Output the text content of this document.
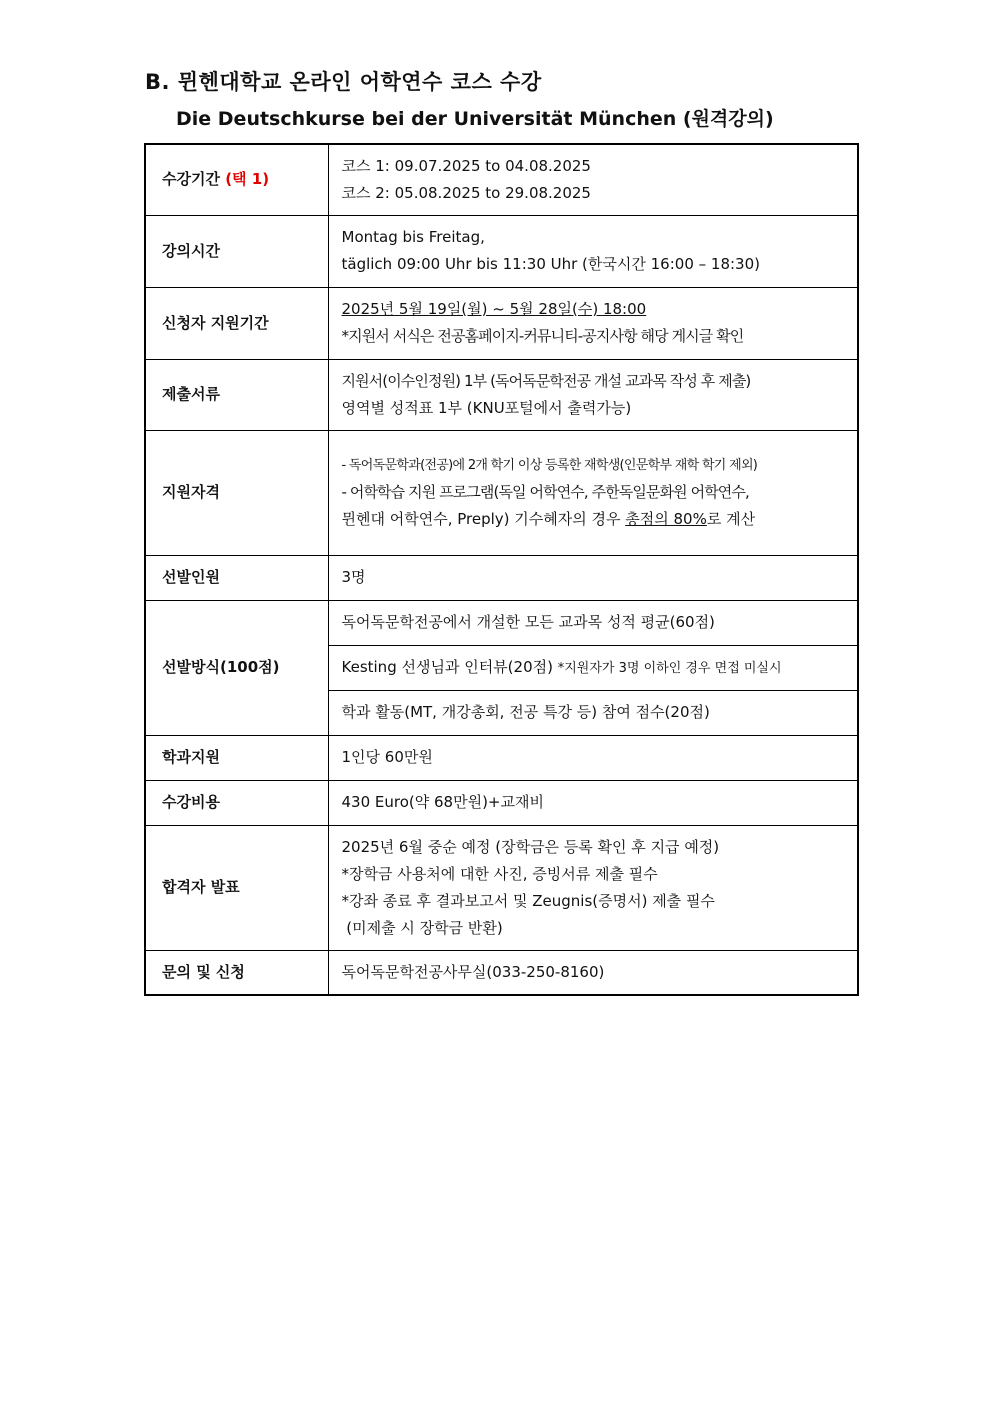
B. 뮌헨대학교 온라인 어학연수 코스 수강
Die Deutschkurse bei der Universität München (원격강의)
수강기간 (택 1)	코스 1: 09.07.2025 to 04.08.2025
코스 2: 05.08.2025 to 29.08.2025

강의시간	Montag bis Freitag,
täglich 09:00 Uhr bis 11:30 Uhr (한국시간 16:00 – 18:30)

신청자 지원기간	2025년 5월 19일(월) ~ 5월 28일(수) 18:00
*지원서 서식은 전공홈페이지-커뮤니티-공지사항 해당 게시글 확인

제출서류	지원서(이수인정원) 1부 (독어독문학전공 개설 교과목 작성 후 제출)
영역별 성적표 1부 (KNU포털에서 출력가능)

지원자격	- 독어독문학과(전공)에 2개 학기 이상 등록한 재학생(인문학부 재학 학기 제외)
- 어학학습 지원 프로그램(독일 어학연수, 주한독일문화원 어학연수,
뮌헨대 어학연수, Preply) 기수혜자의 경우 총점의 80%로 계산

선발인원	3명
선발방식(100점)	독어독문학전공에서 개설한 모든 교과목 성적 평균(60점)
	Kesting 선생님과 인터뷰(20점) *지원자가 3명 이하인 경우 면접 미실시
	학과 활동(MT, 개강총회, 전공 특강 등) 참여 점수(20점)
학과지원	1인당 60만원
수강비용	430 Euro(약 68만원)+교재비
합격자 발표	2025년 6월 중순 예정 (장학금은 등록 확인 후 지급 예정)
*장학금 사용처에 대한 사진, 증빙서류 제출 필수
*강좌 종료 후 결과보고서 및 Zeugnis(증명서) 제출 필수
(미제출 시 장학금 반환)

문의 및 신청	독어독문학전공사무실(033-250-8160)
